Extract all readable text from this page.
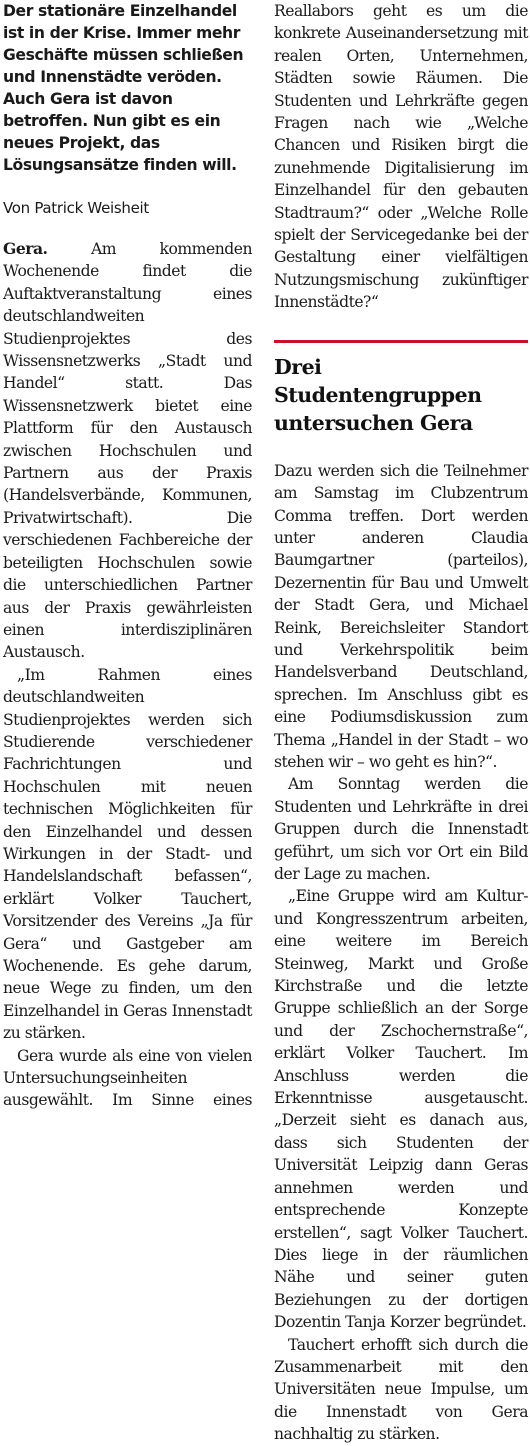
Der stationäre Einzelhandel ist in der Krise. Immer mehr Geschäfte müssen schließen und Innenstädte veröden. Auch Gera ist davon betroffen. Nun gibt es ein neues Projekt, das Lösungsansätze finden will.

Von Patrick Weisheit

Gera. Am kommenden Wochenende findet die Auftaktveranstaltung eines deutschlandweiten Studienprojektes des Wissensnetzwerks „Stadt und Handel“ statt. Das Wissensnetzwerk bietet eine Plattform für den Austausch zwischen Hochschulen und Partnern aus der Praxis (Handelsverbände, Kommunen, Privatwirtschaft). Die verschiedenen Fachbereiche der beteiligten Hochschulen sowie die unterschiedlichen Partner aus der Praxis gewährleisten einen interdisziplinären Austausch.

„Im Rahmen eines deutschlandweiten Studienprojektes werden sich Studierende verschiedener Fachrichtungen und Hochschulen mit neuen technischen Möglichkeiten für den Einzelhandel und dessen Wirkungen in der Stadt- und Handelslandschaft befassen“, erklärt Volker Tauchert, Vorsitzender des Vereins „Ja für Gera“ und Gastgeber am Wochenende. Es gehe darum, neue Wege zu finden, um den Einzelhandel in Geras Innenstadt zu stärken.

Gera wurde als eine von vielen Untersuchungseinheiten ausgewählt. Im Sinne eines

Reallabors geht es um die konkrete Auseinandersetzung mit realen Orten, Unternehmen, Städten sowie Räumen. Die Studenten und Lehrkräfte gegen Fragen nach wie „Welche Chancen und Risiken birgt die zunehmende Digitalisierung im Einzelhandel für den gebauten Stadtraum?“ oder „Welche Rolle spielt der Servicegedanke bei der Gestaltung einer vielfältigen Nutzungsmischung zukünftiger Innenstädte?“

Drei Studentengruppen untersuchen Gera

Dazu werden sich die Teilnehmer am Samstag im Clubzentrum Comma treffen. Dort werden unter anderen Claudia Baumgartner (parteilos), Dezernentin für Bau und Umwelt der Stadt Gera, und Michael Reink, Bereichsleiter Standort und Verkehrspolitik beim Handelsverband Deutschland, sprechen. Im Anschluss gibt es eine Podiumsdiskussion zum Thema „Handel in der Stadt – wo stehen wir – wo geht es hin?“.

Am Sonntag werden die Studenten und Lehrkräfte in drei Gruppen durch die Innenstadt geführt, um sich vor Ort ein Bild der Lage zu machen.

„Eine Gruppe wird am Kultur- und Kongresszentrum arbeiten, eine weitere im Bereich Steinweg, Markt und Große Kirchstraße und die letzte Gruppe schließlich an der Sorge und der Zschochernstraße“, erklärt Volker Tauchert. Im Anschluss werden die Erkenntnisse ausgetauscht. „Derzeit sieht es danach aus, dass sich Studenten der Universität Leipzig dann Geras annehmen werden und entsprechende Konzepte erstellen“, sagt Volker Tauchert. Dies liege in der räumlichen Nähe und seiner guten Beziehungen zu der dortigen Dozentin Tanja Korzer begründet.

Tauchert erhofft sich durch die Zusammenarbeit mit den Universitäten neue Impulse, um die Innenstadt von Gera nachhaltig zu stärken.
